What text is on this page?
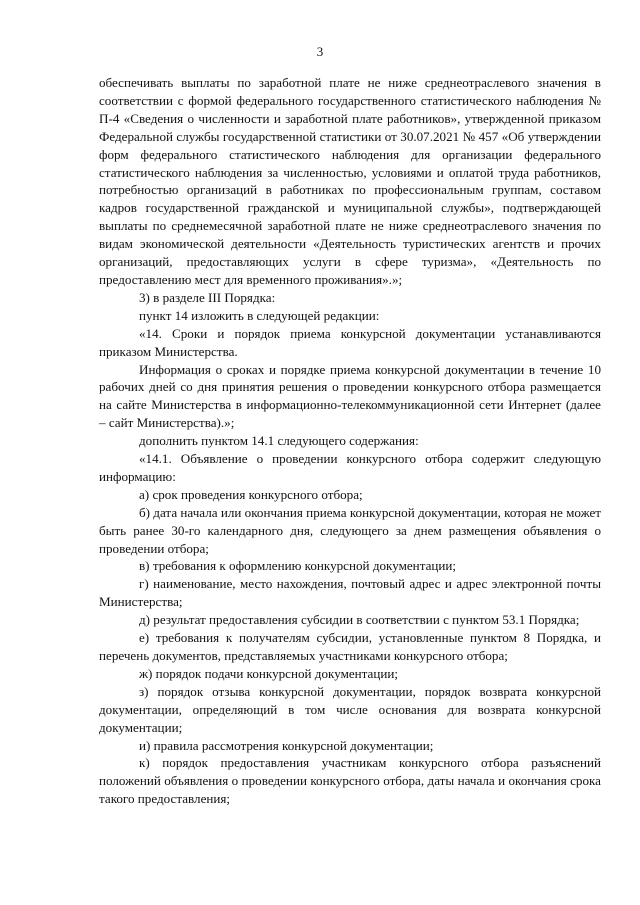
3

обеспечивать выплаты по заработной плате не ниже среднеотраслевого значения в соответствии с формой федерального государственного статистического наблюдения № П-4 «Сведения о численности и заработной плате работников», утвержденной приказом Федеральной службы государственной статистики от 30.07.2021 № 457 «Об утверждении форм федерального статистического наблюдения для организации федерального статистического наблюдения за численностью, условиями и оплатой труда работников, потребностью организаций в работниках по профессиональным группам, составом кадров государственной гражданской и муниципальной службы», подтверждающей выплаты по среднемесячной заработной плате не ниже среднеотраслевого значения по видам экономической деятельности «Деятельность туристических агентств и прочих организаций, предоставляющих услуги в сфере туризма», «Деятельность по предоставлению мест для временного проживания».»;

3) в разделе III Порядка:

пункт 14 изложить в следующей редакции:

«14. Сроки и порядок приема конкурсной документации устанавливаются приказом Министерства.

Информация о сроках и порядке приема конкурсной документации в течение 10 рабочих дней со дня принятия решения о проведении конкурсного отбора размещается на сайте Министерства в информационно-телекоммуникационной сети Интернет (далее – сайт Министерства).»;

дополнить пунктом 14.1 следующего содержания:

«14.1. Объявление о проведении конкурсного отбора содержит следующую информацию:

а) срок проведения конкурсного отбора;

б) дата начала или окончания приема конкурсной документации, которая не может быть ранее 30-го календарного дня, следующего за днем размещения объявления о проведении отбора;

в) требования к оформлению конкурсной документации;

г) наименование, место нахождения, почтовый адрес и адрес электронной почты Министерства;

д) результат предоставления субсидии в соответствии с пунктом 53.1 Порядка;

е) требования к получателям субсидии, установленные пунктом 8 Порядка, и перечень документов, представляемых участниками конкурсного отбора;

ж) порядок подачи конкурсной документации;

з) порядок отзыва конкурсной документации, порядок возврата конкурсной документации, определяющий в том числе основания для возврата конкурсной документации;

и) правила рассмотрения конкурсной документации;

к) порядок предоставления участникам конкурсного отбора разъяснений положений объявления о проведении конкурсного отбора, даты начала и окончания срока такого предоставления;
